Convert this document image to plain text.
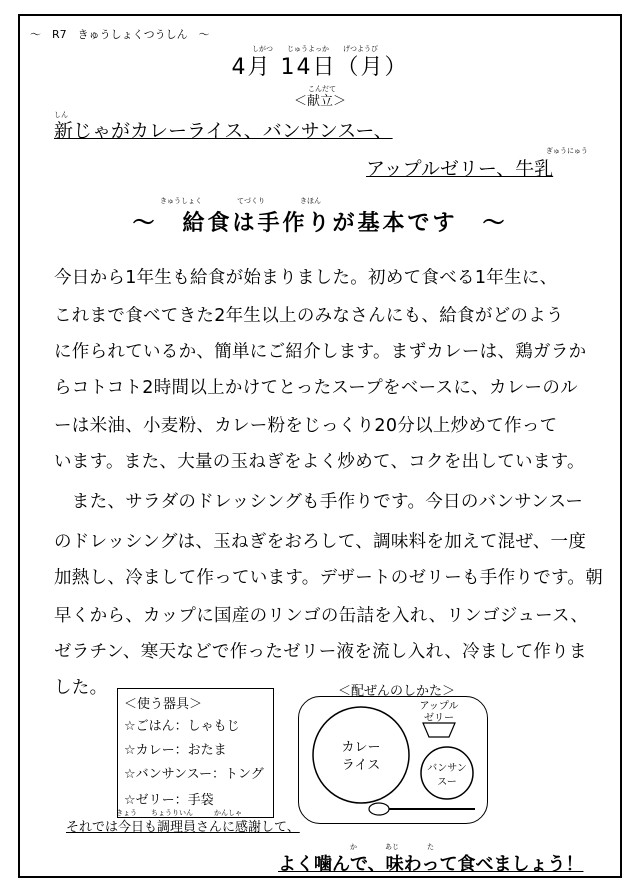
～　R7　きゅうしょくつうしん　～
しがつ　　じゅうよっか　　げつようび
4月 14日（月）
こんだて
＜献立＞
しん
新じゃがカレーライス、バンサンスー、
ぎゅうにゅう
アップルゼリー、牛乳
きゅうしょく　　　　　てづくり　　　　　きほん
～　給食は手作りが基本です　～
今日から1年生も給食が始まりました。初めて食べる1年生に、
これまで食べてきた2年生以上のみなさんにも、給食がどのよう
に作られているか、簡単にご紹介します。まずカレーは、鶏ガラか
らコトコト2時間以上かけてとったスープをベースに、カレーのル
ーは米油、小麦粉、カレー粉をじっくり20分以上炒めて作って
います。また、大量の玉ねぎをよく炒めて、コクを出しています。
　また、サラダのドレッシングも手作りです。今日のバンサンスー
のドレッシングは、玉ねぎをおろして、調味料を加えて混ぜ、一度
加熱し、冷まして作っています。デザートのゼリーも手作りです。朝
早くから、カップに国産のリンゴの缶詰を入れ、リンゴジュース、
ゼラチン、寒天などで作ったゼリー液を流し入れ、冷まして作りま
した。
＜使う器具＞
☆ごはん：しゃもじ
☆カレー：おたま
☆バンサンスー：トング
☆ゼリー：手袋
＜配ぜんのしかた＞
カレー
ライス
アップル
ゼリー
バンサン
スー
きょう　　ちょうりいん　　　かんしゃ
それでは今日も調理員さんに感謝して、
か　　　　あじ　　　　た
よく噛んで、味わって食べましょう！
